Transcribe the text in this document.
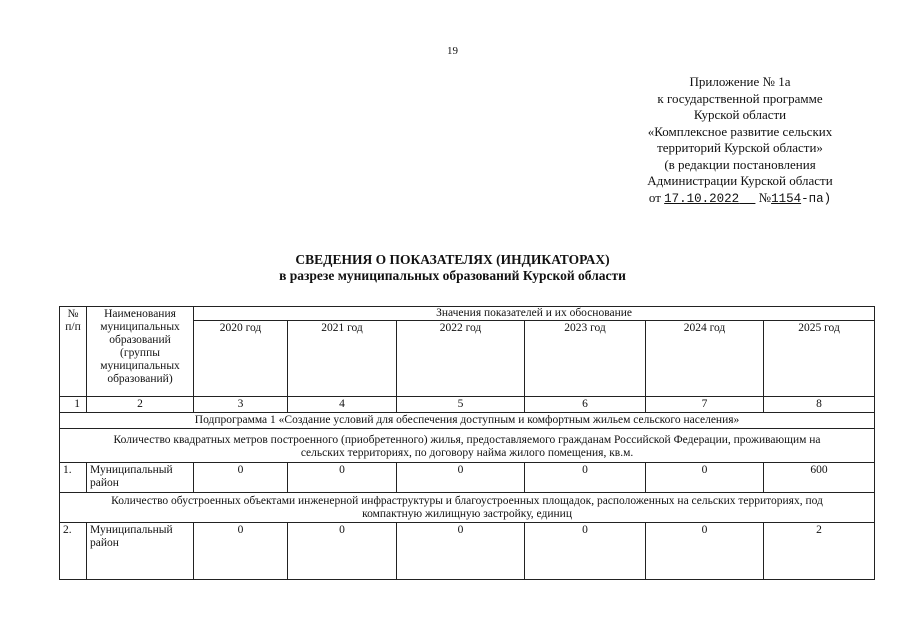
19
Приложение № 1а
к государственной программе
Курской области
«Комплексное развитие сельских
территорий Курской области»
(в редакции постановления
Администрации Курской области
от 17.10.2022 №1154-па)
СВЕДЕНИЯ О ПОКАЗАТЕЛЯХ (ИНДИКАТОРАХ)
в разрезе муниципальных образований Курской области
№ п/п	Наименования муниципальных образований (группы муниципальных образований)	Значения показателей и их обоснование					
		2020 год	2021 год	2022 год	2023 год	2024 год	2025 год
1	2	3	4	5	6	7	8
Подпрограмма 1 «Создание условий для обеспечения доступным и комфортным жильем сельского населения»							
Количество квадратных метров построенного (приобретенного) жилья, предоставляемого гражданам Российской Федерации, проживающим на сельских территориях, по договору найма жилого помещения, кв.м.							
1.	Муниципальный район	0	0	0	0	0	600
Количество обустроенных объектами инженерной инфраструктуры и благоустроенных площадок, расположенных на сельских территориях, под компактную жилищную застройку, единиц							
2.	Муниципальный район	0	0	0	0	0	2
